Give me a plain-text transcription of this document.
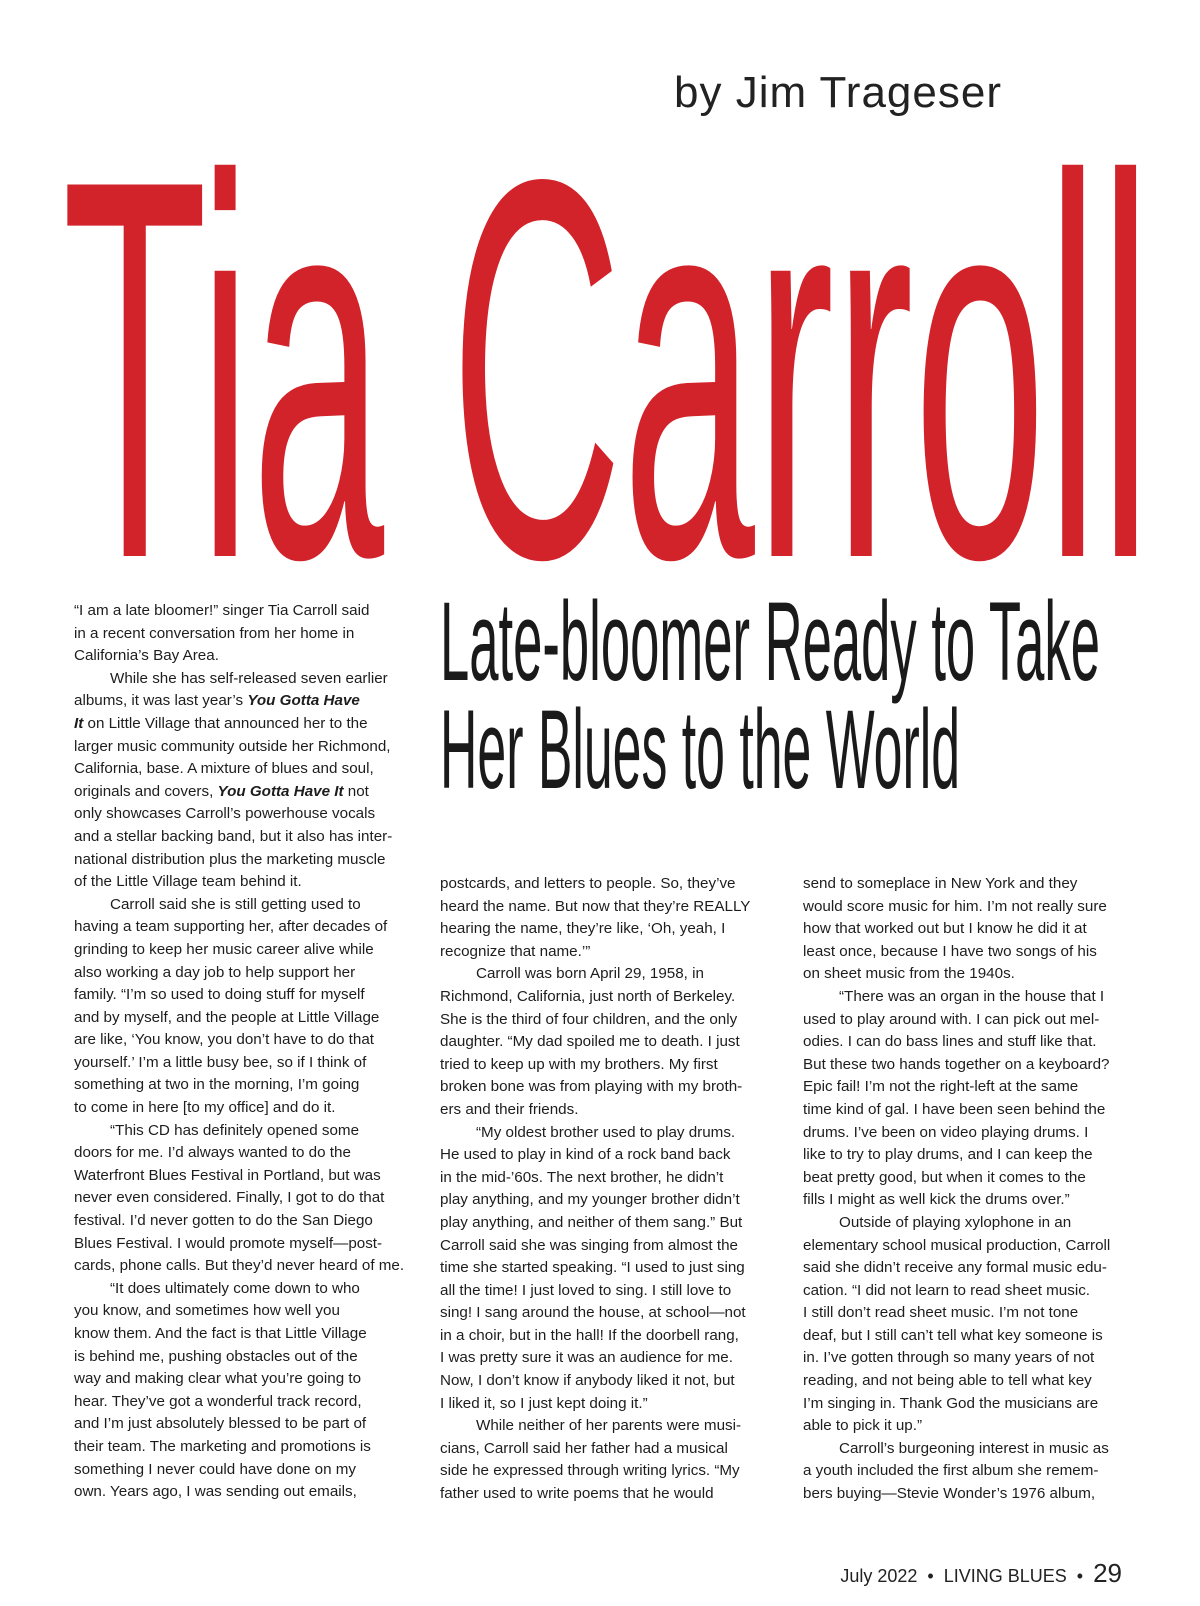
Tia Carroll
by Jim Trageser
Late-bloomer Ready to Take
Her Blues to the World
“I am a late bloomer!” singer Tia Carroll said
in a recent conversation from her home in
California’s Bay Area.
While she has self-released seven earlier
albums, it was last year’s You Gotta Have
It on Little Village that announced her to the
larger music community outside her Richmond,
California, base. A mixture of blues and soul,
originals and covers, You Gotta Have It not
only showcases Carroll’s powerhouse vocals
and a stellar backing band, but it also has inter-
national distribution plus the marketing muscle
of the Little Village team behind it.
Carroll said she is still getting used to
having a team supporting her, after decades of
grinding to keep her music career alive while
also working a day job to help support her
family. “I’m so used to doing stuff for myself
and by myself, and the people at Little Village
are like, ‘You know, you don’t have to do that
yourself.’ I’m a little busy bee, so if I think of
something at two in the morning, I’m going
to come in here [to my office] and do it.
“This CD has definitely opened some
doors for me. I’d always wanted to do the
Waterfront Blues Festival in Portland, but was
never even considered. Finally, I got to do that
festival. I’d never gotten to do the San Diego
Blues Festival. I would promote myself—post-
cards, phone calls. But they’d never heard of me.
“It does ultimately come down to who
you know, and sometimes how well you
know them. And the fact is that Little Village
is behind me, pushing obstacles out of the
way and making clear what you’re going to
hear. They’ve got a wonderful track record,
and I’m just absolutely blessed to be part of
their team. The marketing and promotions is
something I never could have done on my
own. Years ago, I was sending out emails,
postcards, and letters to people. So, they’ve
heard the name. But now that they’re REALLY
hearing the name, they’re like, ‘Oh, yeah, I
recognize that name.’”
Carroll was born April 29, 1958, in
Richmond, California, just north of Berkeley.
She is the third of four children, and the only
daughter. “My dad spoiled me to death. I just
tried to keep up with my brothers. My first
broken bone was from playing with my broth-
ers and their friends.
“My oldest brother used to play drums.
He used to play in kind of a rock band back
in the mid-’60s. The next brother, he didn’t
play anything, and my younger brother didn’t
play anything, and neither of them sang.” But
Carroll said she was singing from almost the
time she started speaking. “I used to just sing
all the time! I just loved to sing. I still love to
sing! I sang around the house, at school—not
in a choir, but in the hall! If the doorbell rang,
I was pretty sure it was an audience for me.
Now, I don’t know if anybody liked it not, but
I liked it, so I just kept doing it.”
While neither of her parents were musi-
cians, Carroll said her father had a musical
side he expressed through writing lyrics. “My
father used to write poems that he would
send to someplace in New York and they
would score music for him. I’m not really sure
how that worked out but I know he did it at
least once, because I have two songs of his
on sheet music from the 1940s.
“There was an organ in the house that I
used to play around with. I can pick out mel-
odies. I can do bass lines and stuff like that.
But these two hands together on a keyboard?
Epic fail! I’m not the right-left at the same
time kind of gal. I have been seen behind the
drums. I’ve been on video playing drums. I
like to try to play drums, and I can keep the
beat pretty good, but when it comes to the
fills I might as well kick the drums over.”
Outside of playing xylophone in an
elementary school musical production, Carroll
said she didn’t receive any formal music edu-
cation. “I did not learn to read sheet music.
I still don’t read sheet music. I’m not tone
deaf, but I still can’t tell what key someone is
in. I’ve gotten through so many years of not
reading, and not being able to tell what key
I’m singing in. Thank God the musicians are
able to pick it up.”
Carroll’s burgeoning interest in music as
a youth included the first album she remem-
bers buying—Stevie Wonder’s 1976 album,
July 2022 • LIVING BLUES • 29
